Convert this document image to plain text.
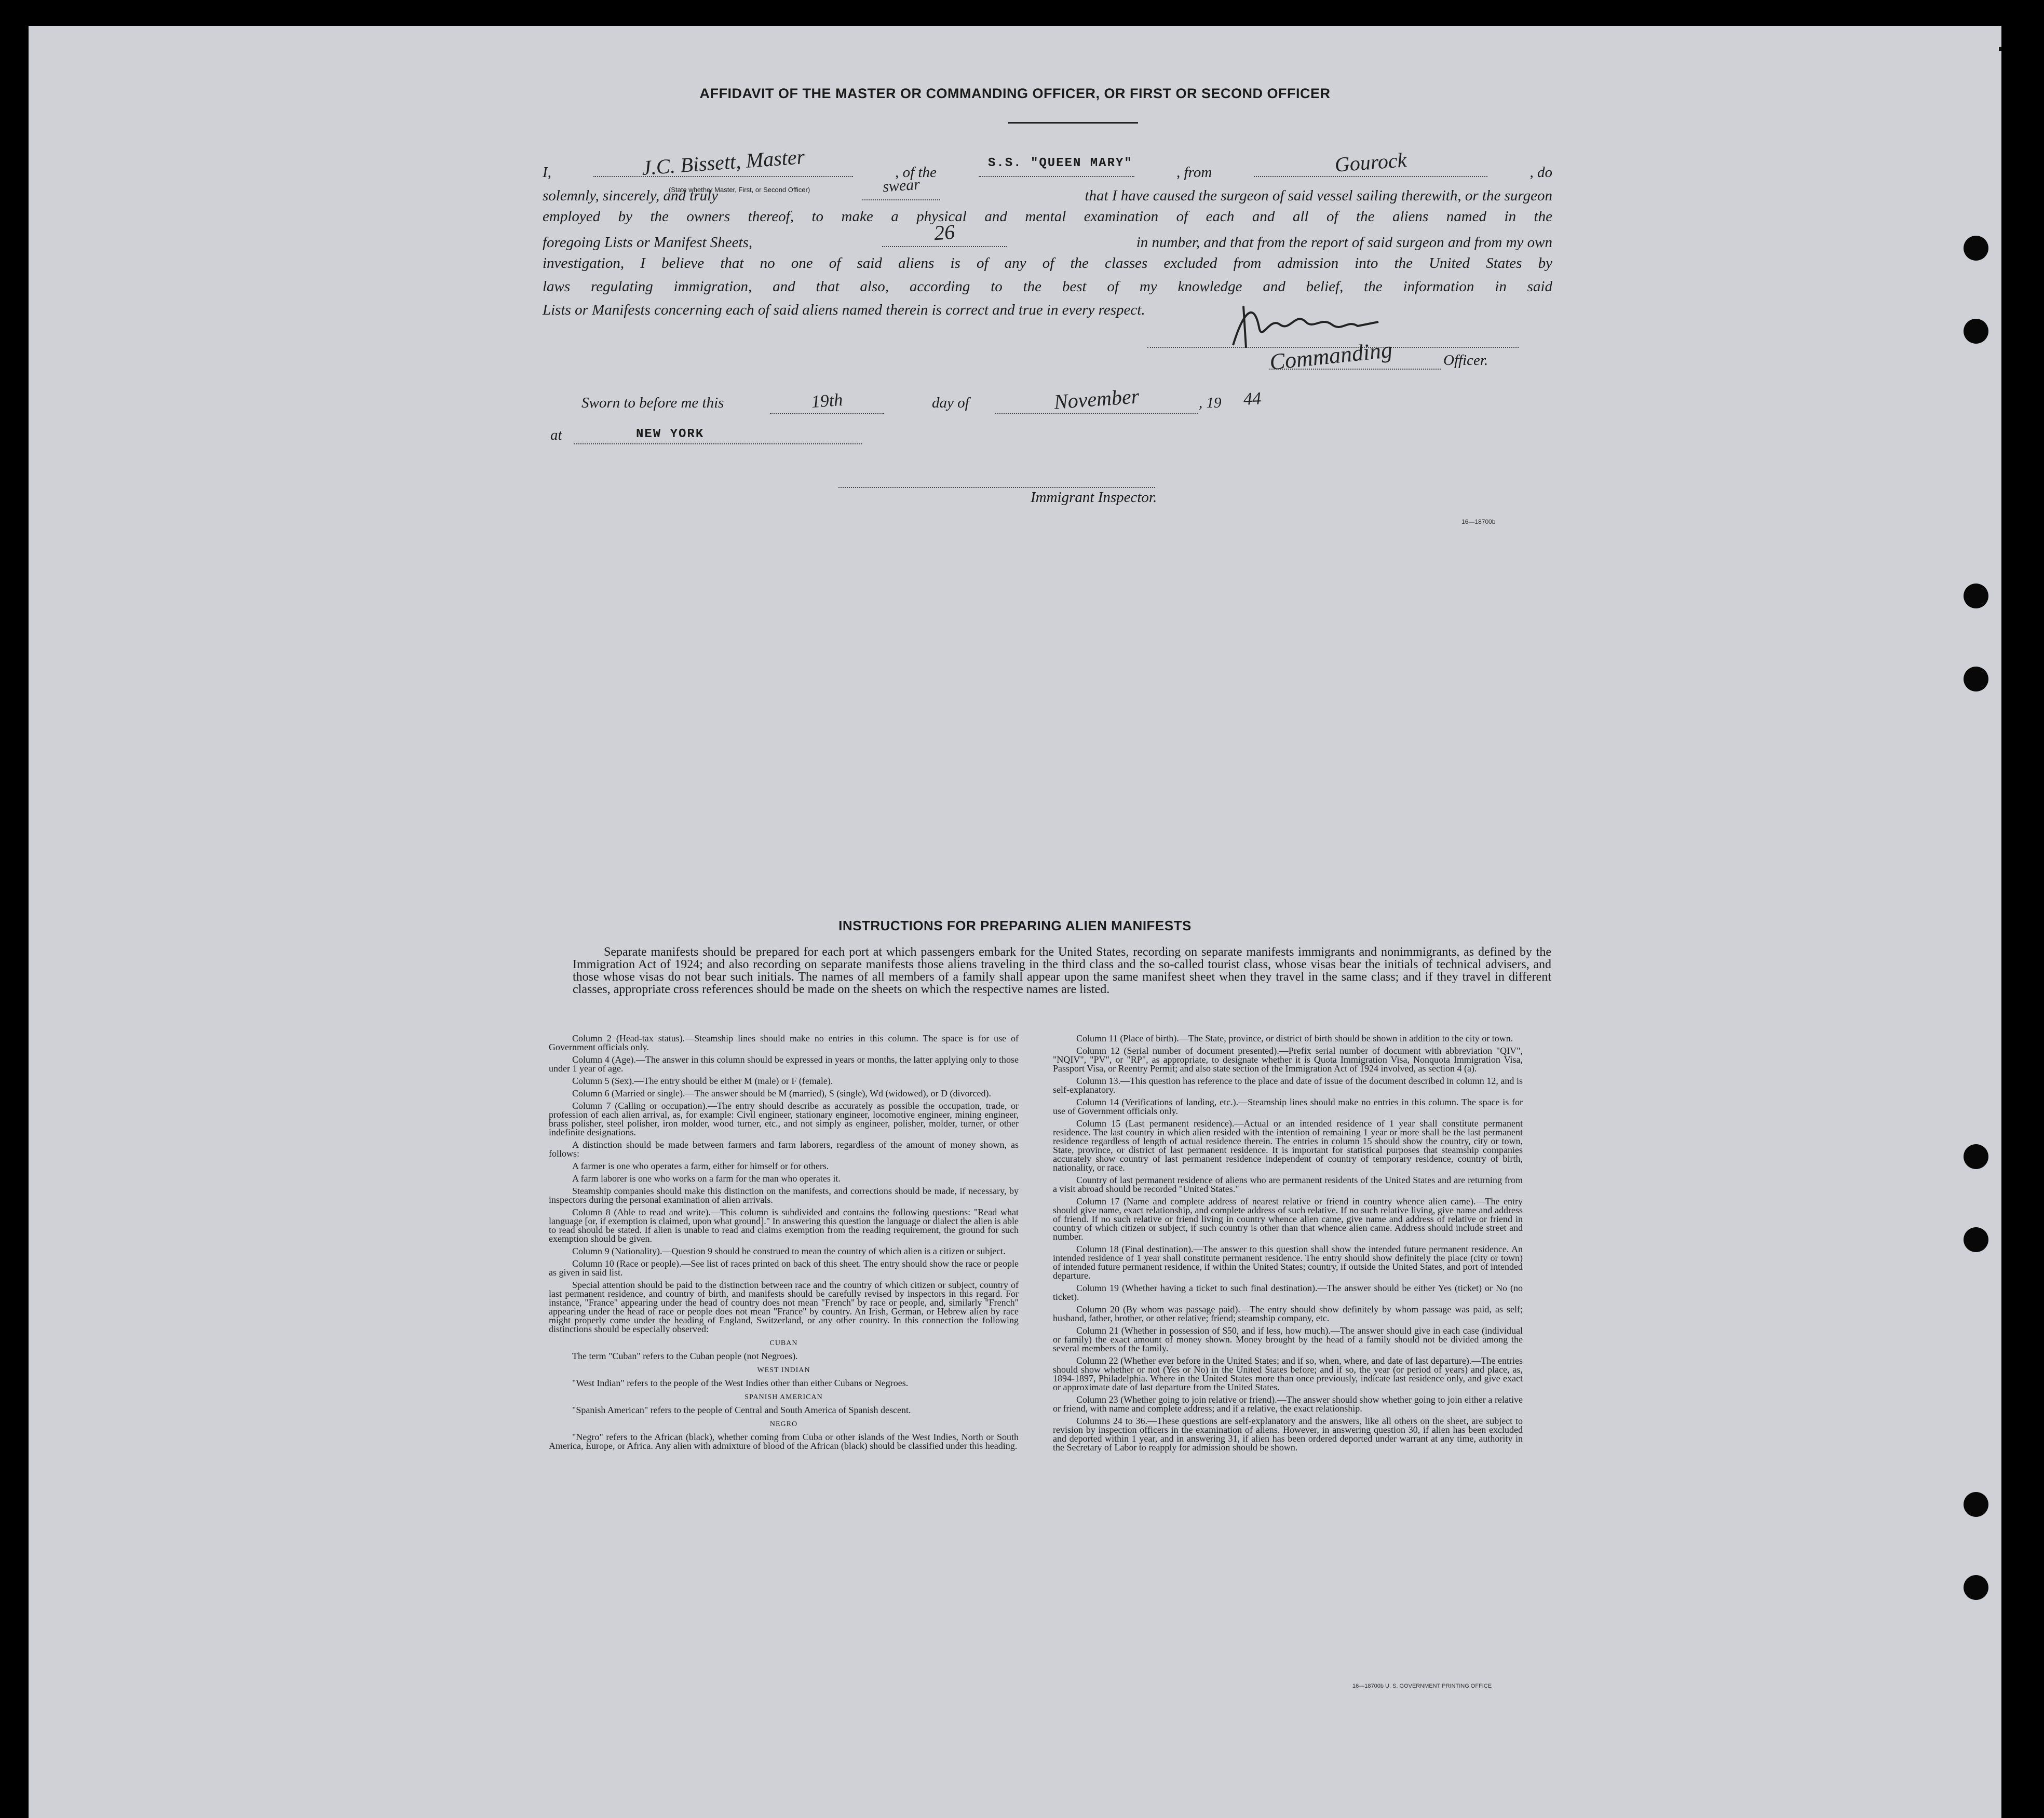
AFFIDAVIT OF THE MASTER OR COMMANDING OFFICER, OR FIRST OR SECOND OFFICER
I,	J.C. Bissett, Master
(State whether Master, First, or Second Officer)
, of the
S.S. "QUEEN MARY"
, from	Gourock	, do
solemnly, sincerely, and truly
swear
that I have caused the surgeon of said vessel sailing therewith, or the surgeon
employed by the owners thereof, to make a physical and mental examination of each and all of the aliens named in the
foregoing Lists or Manifest Sheets,	26	in number, and that from the report of said surgeon and from my own
investigation, I believe that no one of said aliens is of any of the classes excluded from admission into the United States by
laws regulating immigration, and that also, according to the best of my knowledge and belief, the information in said
Lists or Manifests concerning each of said aliens named therein is correct and true in every respect.
Commanding	Officer.
Sworn to before me this	19th	day of	November	, 19 44
at	NEW YORK
Immigrant Inspector.
16—18700b
INSTRUCTIONS FOR PREPARING ALIEN MANIFESTS
Separate manifests should be prepared for each port at which passengers embark for the United States, recording on separate manifests immigrants and nonimmigrants, as defined by the Immigration Act of 1924; and also recording on separate manifests those aliens traveling in the third class and the so-called tourist class, whose visas bear the initials of technical advisers, and those whose visas do not bear such initials. The names of all members of a family shall appear upon the same manifest sheet when they travel in the same class; and if they travel in different classes, appropriate cross references should be made on the sheets on which the respective names are listed.

Column 2 (Head-tax status).—Steamship lines should make no entries in this column. The space is for use of Government officials only.

Column 4 (Age).—The answer in this column should be expressed in years or months, the latter applying only to those under 1 year of age.

Column 5 (Sex).—The entry should be either M (male) or F (female).

Column 6 (Married or single).—The answer should be M (married), S (single), Wd (widowed), or D (divorced).

Column 7 (Calling or occupation).—The entry should describe as accurately as possible the occupation, trade, or profession of each alien arrival, as, for example: Civil engineer, stationary engineer, locomotive engineer, mining engineer, brass polisher, steel polisher, iron molder, wood turner, etc., and not simply as engineer, polisher, molder, turner, or other indefinite designations.

A distinction should be made between farmers and farm laborers, regardless of the amount of money shown, as follows:

A farmer is one who operates a farm, either for himself or for others.

A farm laborer is one who works on a farm for the man who operates it.

Steamship companies should make this distinction on the manifests, and corrections should be made, if necessary, by inspectors during the personal examination of alien arrivals.

Column 8 (Able to read and write).—This column is subdivided and contains the following questions: "Read what language [or, if exemption is claimed, upon what ground]." In answering this question the language or dialect the alien is able to read should be stated. If alien is unable to read and claims exemption from the reading requirement, the ground for such exemption should be given.

Column 9 (Nationality).—Question 9 should be construed to mean the country of which alien is a citizen or subject.

Column 10 (Race or people).—See list of races printed on back of this sheet. The entry should show the race or people as given in said list.

Special attention should be paid to the distinction between race and the country of which citizen or subject, country of last permanent residence, and country of birth, and manifests should be carefully revised by inspectors in this regard. For instance, "France" appearing under the head of country does not mean "French" by race or people, and, similarly "French" appearing under the head of race or people does not mean "France" by country. An Irish, German, or Hebrew alien by race might properly come under the heading of England, Switzerland, or any other country. In this connection the following distinctions should be especially observed:

CUBAN

The term "Cuban" refers to the Cuban people (not Negroes).

WEST INDIAN

"West Indian" refers to the people of the West Indies other than either Cubans or Negroes.

SPANISH AMERICAN

"Spanish American" refers to the people of Central and South America of Spanish descent.

NEGRO

"Negro" refers to the African (black), whether coming from Cuba or other islands of the West Indies, North or South America, Europe, or Africa. Any alien with admixture of blood of the African (black) should be classified under this heading.

Column 11 (Place of birth).—The State, province, or district of birth should be shown in addition to the city or town.

Column 12 (Serial number of document presented).—Prefix serial number of document with abbreviation "QIV", "NQIV", "PV", or "RP", as appropriate, to designate whether it is Quota Immigration Visa, Nonquota Immigration Visa, Passport Visa, or Reentry Permit; and also state section of the Immigration Act of 1924 involved, as section 4 (a).

Column 13.—This question has reference to the place and date of issue of the document described in column 12, and is self-explanatory.

Column 14 (Verifications of landing, etc.).—Steamship lines should make no entries in this column. The space is for use of Government officials only.

Column 15 (Last permanent residence).—Actual or an intended residence of 1 year shall constitute permanent residence. The last country in which alien resided with the intention of remaining 1 year or more shall be the last permanent residence regardless of length of actual residence therein. The entries in column 15 should show the country, city or town, State, province, or district of last permanent residence. It is important for statistical purposes that steamship companies accurately show country of last permanent residence independent of country of temporary residence, country of birth, nationality, or race.

Country of last permanent residence of aliens who are permanent residents of the United States and are returning from a visit abroad should be recorded "United States."

Column 17 (Name and complete address of nearest relative or friend in country whence alien came).—The entry should give name, exact relationship, and complete address of such relative. If no such relative living, give name and address of friend. If no such relative or friend living in country whence alien came, give name and address of relative or friend in country of which citizen or subject, if such country is other than that whence alien came. Address should include street and number.

Column 18 (Final destination).—The answer to this question shall show the intended future permanent residence. An intended residence of 1 year shall constitute permanent residence. The entry should show definitely the place (city or town) of intended future permanent residence, if within the United States; country, if outside the United States, and port of intended departure.

Column 19 (Whether having a ticket to such final destination).—The answer should be either Yes (ticket) or No (no ticket).

Column 20 (By whom was passage paid).—The entry should show definitely by whom passage was paid, as self; husband, father, brother, or other relative; friend; steamship company, etc.

Column 21 (Whether in possession of $50, and if less, how much).—The answer should give in each case (individual or family) the exact amount of money shown. Money brought by the head of a family should not be divided among the several members of the family.

Column 22 (Whether ever before in the United States; and if so, when, where, and date of last departure).—The entries should show whether or not (Yes or No) in the United States before; and if so, the year (or period of years) and place, as, 1894-1897, Philadelphia. Where in the United States more than once previously, indicate last residence only, and give exact or approximate date of last departure from the United States.

Column 23 (Whether going to join relative or friend).—The answer should show whether going to join either a relative or friend, with name and complete address; and if a relative, the exact relationship.

Columns 24 to 36.—These questions are self-explanatory and the answers, like all others on the sheet, are subject to revision by inspection officers in the examination of aliens. However, in answering question 30, if alien has been excluded and deported within 1 year, and in answering 31, if alien has been ordered deported under warrant at any time, authority in the Secretary of Labor to reapply for admission should be shown.

16—18700b U. S. GOVERNMENT PRINTING OFFICE
